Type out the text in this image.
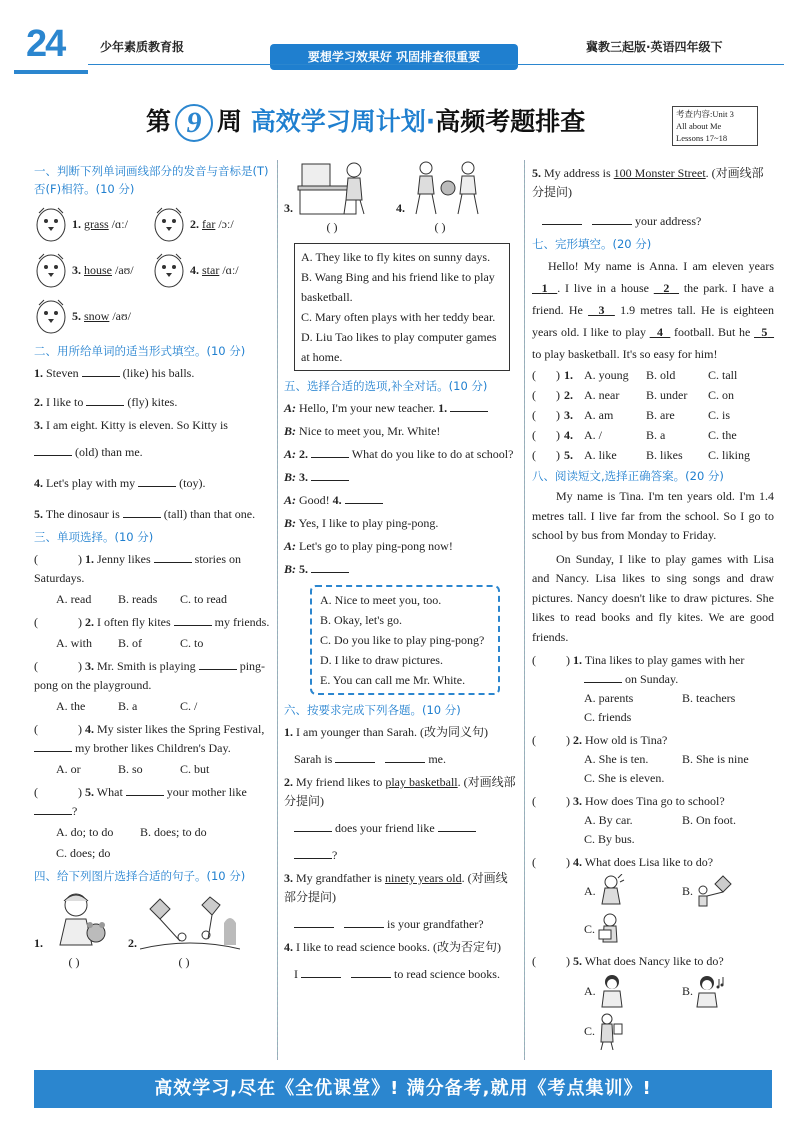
24	少年素质教育报
要想学习效果好 巩固排查很重要
冀教三起版·英语四年级下
第 9 周 高效学习周计划·高频考题排查	考查内容:Unit 3
All about Me
Lessons 17~18
一、判断下列单词画线部分的发音与音标是(T)否(F)相符。(10 分)
1.
grass
/ɑː/	2.
far
/ɔː/
3.
house
/aʊ/	4.
star
/ɑː/
5.
snow
/aʊ/
二、用所给单词的适当形式填空。(10 分)
1. Steven	(like) his balls.
2. I like to	(fly) kites.
3. I am eight. Kitty is eleven. So Kitty is
(old) than me.
4. Let's play with my	(toy).
5. The dinosaur is	(tall) than that one.
三、单项选择。(10 分)
(	) 1. Jenny likes	stories on Saturdays.
A. read	B. reads	C. to read
(	) 2. I often fly kites	my friends.
A. with	B. of	C. to
(	) 3. Mr. Smith is playing	ping-pong on the playground.
A. the	B. a	C. /
(	) 4. My sister likes the Spring Festival,  my brother likes Children's Day.
A. or	B. so	C. but
(	) 5. What	your mother like ?
A. do; to do	B. does; to do
C. does; do
四、给下列图片选择合适的句子。(10 分)
1.
( )
2.
( )
3.
( )
4.
( )
A. They like to fly kites on sunny days.
B. Wang Bing and his friend like to play basketball.
C. Mary often plays with her teddy bear.
D. Liu Tao likes to play computer games at home.
五、选择合适的选项,补全对话。(10 分)
A: Hello, I'm your new teacher. 1.
B: Nice to meet you, Mr. White!
A: 2.	What do you like to do at school?
B: 3.
A: Good! 4.
B: Yes, I like to play ping-pong.
A: Let's go to play ping-pong now!
B: 5.
A. Nice to meet you, too.
B. Okay, let's go.
C. Do you like to play ping-pong?
D. I like to draw pictures.
E. You can call me Mr. White.
六、按要求完成下列各题。(10 分)
1. I am younger than Sarah. (改为同义句)
Sarah is	me.
2. My friend likes to play basketball. (对画线部分提问)
does your friend like
?
3. My grandfather is ninety years old. (对画线部分提问)
is your grandfather?
4. I like to read science books. (改为否定句)
I	to read science books.
5. My address is 100 Monster Street. (对画线部分提问)
your address?
七、完形填空。(20 分)
Hello! My name is Anna. I am eleven years   1 . I live in a house 2 the park. I have a friend. He 3 1.9 metres tall. He is eighteen years old. I like to play 4 football. But he 5   to play basketball. It's so easy for him!
( ) 1. A. young	B. old	C. tall
( ) 2. A. near	B. under	C. on
( ) 3. A. am	B. are	C. is
( ) 4. A. /	B. a	C. the
( ) 5. A. like	B. likes	C. liking
八、阅读短文,选择正确答案。(20 分)
My name is Tina. I'm ten years old. I'm 1.4 metres tall. I live far from the school. So I go to school by bus from Monday to Friday.
On Sunday, I like to play games with Lisa and Nancy. Lisa likes to sing songs and draw pictures. Nancy doesn't like to draw pictures. She likes to read books and fly kites. We are good friends.
(	) 1. Tina likes to play games with her
on Sunday.
A. parents	B. teachers
C. friends
(	) 2. How old is Tina?
A. She is ten.	B. She is nine
C. She is eleven.
(	) 3. How does Tina go to school?
A. By car.	B. On foot.
C. By bus.
(	) 4. What does Lisa like to do?
A.	B.
C.
(	) 5. What does Nancy like to do?
A.	B.
C.
高效学习,尽在《全优课堂》! 满分备考,就用《考点集训》!
